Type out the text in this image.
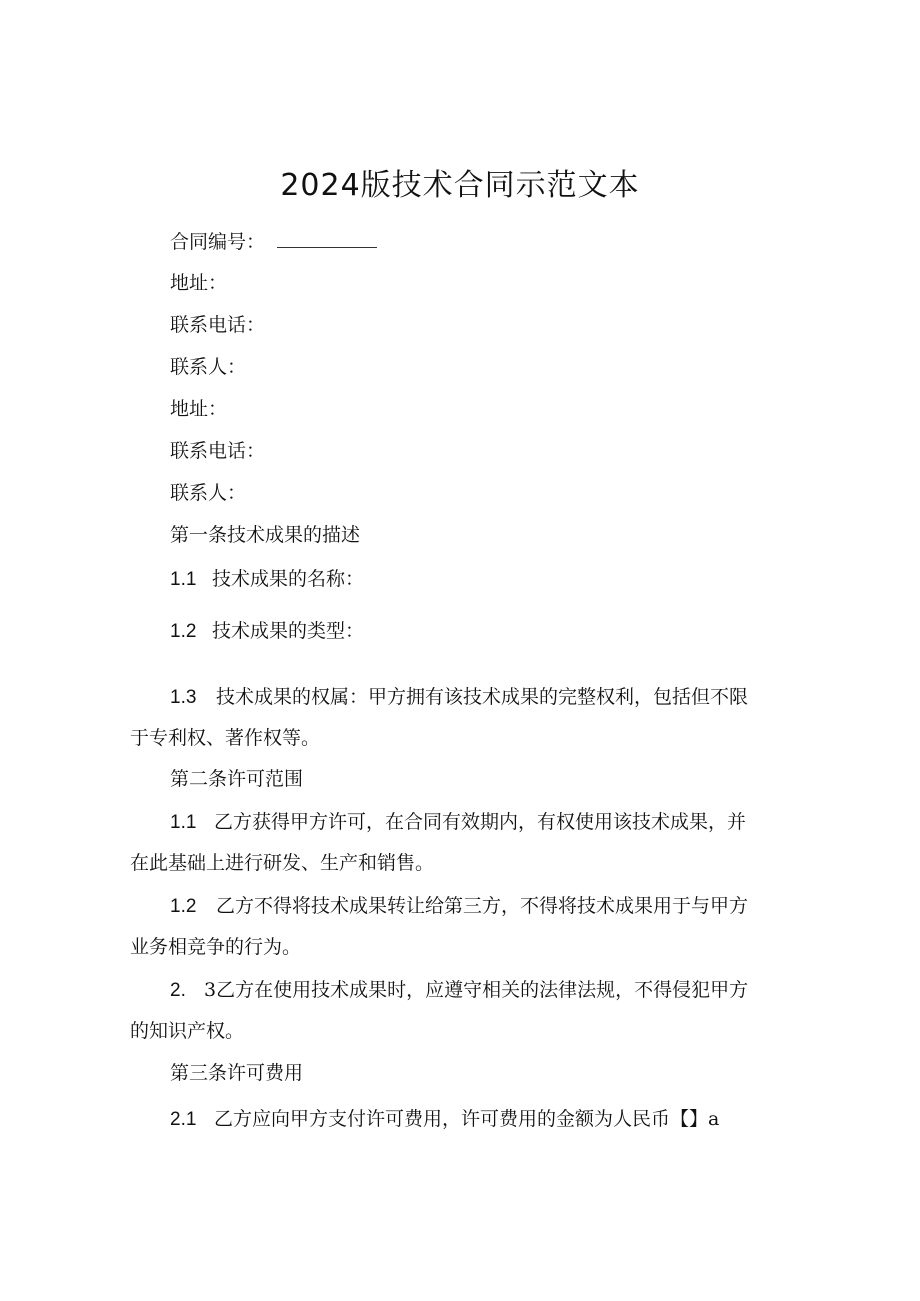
2024版技术合同示范文本
合同编号：
地址：
联系电话：
联系人：
地址：
联系电话：
联系人：
第一条技术成果的描述
1.1 技术成果的名称：
1.2 技术成果的类型：
1.3 技术成果的权属：甲方拥有该技术成果的完整权利，包括但不限
于专利权、著作权等。
第二条许可范围
1.1 乙方获得甲方许可，在合同有效期内，有权使用该技术成果，并
在此基础上进行研发、生产和销售。
1.2 乙方不得将技术成果转让给第三方，不得将技术成果用于与甲方
业务相竞争的行为。
2. 3乙方在使用技术成果时，应遵守相关的法律法规，不得侵犯甲方
的知识产权。
第三条许可费用
2.1 乙方应向甲方支付许可费用，许可费用的金额为人民币【】a
